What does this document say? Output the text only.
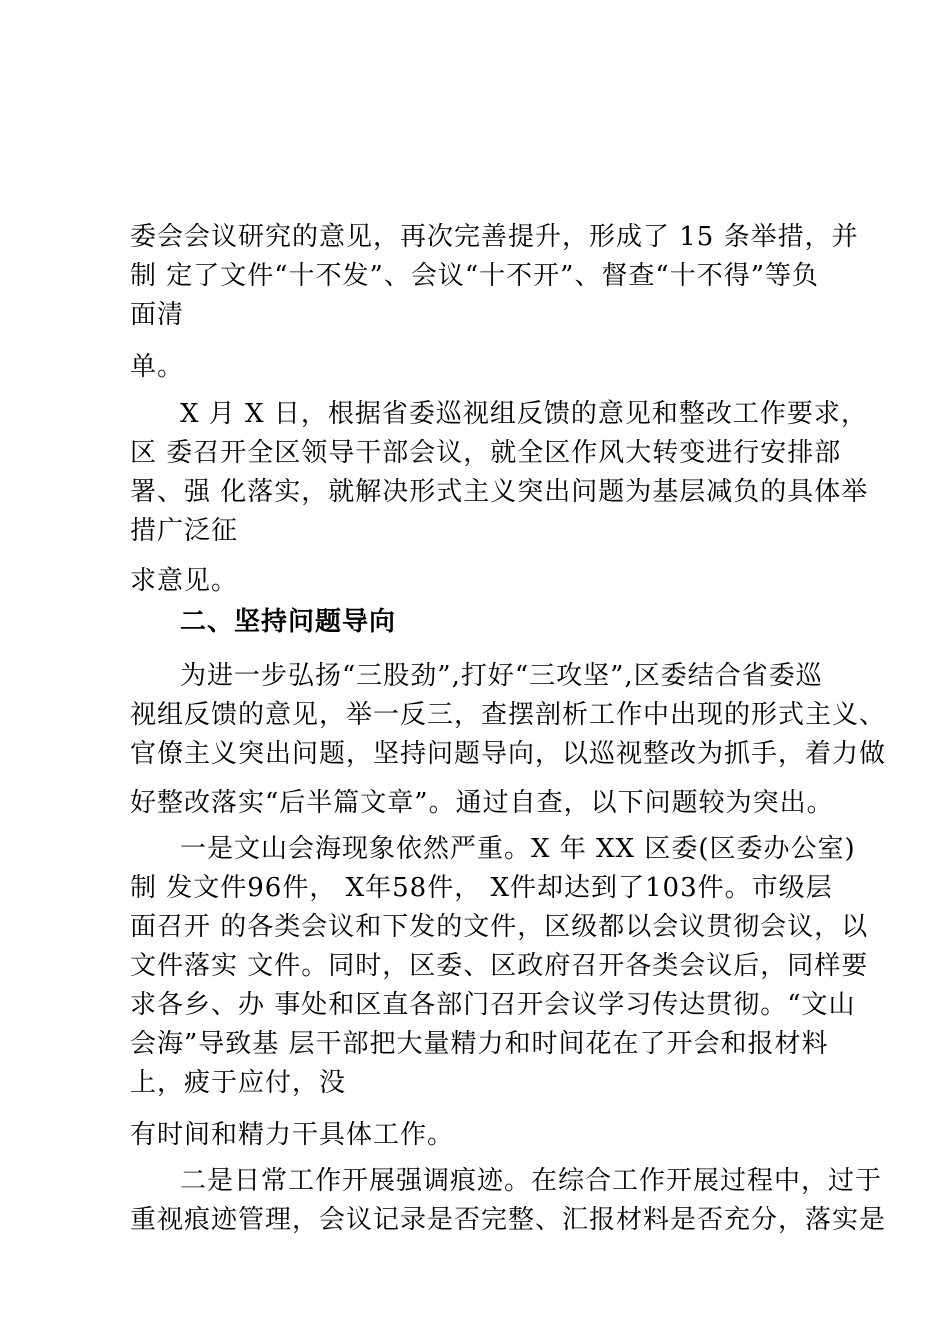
委会会议研究的意见，再次完善提升，形成了 15 条举措，并
制 定了文件“十不发”、会议“十不开”、督查“十不得”等负
面清
单。
X 月 X 日，根据省委巡视组反馈的意见和整改工作要求，
区 委召开全区领导干部会议，就全区作风大转变进行安排部
署、强 化落实，就解决形式主义突出问题为基层减负的具体举
措广泛征
求意见。
二、坚持问题导向
为进一步弘扬“三股劲”,打好“三攻坚”,区委结合省委巡
视组反馈的意见，举一反三，查摆剖析工作中出现的形式主义、
官僚主义突出问题，坚持问题导向，以巡视整改为抓手，着力做
好整改落实“后半篇文章”。通过自查，以下问题较为突出。
一是文山会海现象依然严重。X 年 XX 区委(区委办公室)
制 发文件96件， X年58件， X件却达到了103件。市级层
面召开 的各类会议和下发的文件，区级都以会议贯彻会议，以
文件落实 文件。同时，区委、区政府召开各类会议后，同样要
求各乡、办 事处和区直各部门召开会议学习传达贯彻。“文山
会海”导致基 层干部把大量精力和时间花在了开会和报材料
上，疲于应付，没
有时间和精力干具体工作。
二是日常工作开展强调痕迹。在综合工作开展过程中，过于
重视痕迹管理，会议记录是否完整、汇报材料是否充分，落实是
